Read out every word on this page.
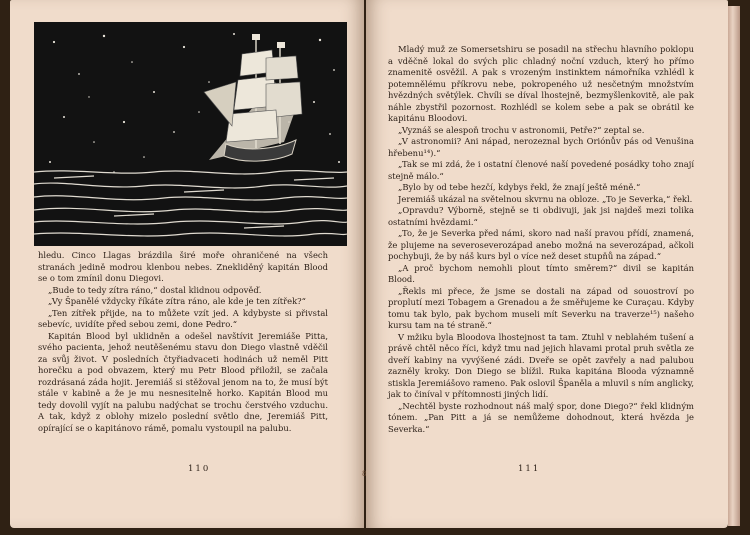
hledu. Cinco Llagas brázdila širé moře ohraničené na všech stranách jedině modrou klenbou nebes. Znekliděný kapitán Blood se o tom zmínil donu Diegovi.

„Bude to tedy zítra ráno,“ dostal klidnou odpověď.

„Vy Španělé vždycky říkáte zítra ráno, ale kde je ten zítřek?“

„Ten zítřek přijde, na to můžete vzít jed. A kdybyste si přivstal sebevíc, uvidíte před sebou zemi, done Pedro.“

Kapitán Blood byl uklidněn a odešel navštívit Jeremiáše Pitta, svého pacienta, jehož neutěšenému stavu don Diego vlastně vděčil za svůj život. V posledních čtyřiadvaceti hodinách už neměl Pitt horečku a pod obvazem, který mu Petr Blood přiložil, se začala rozdrásaná záda hojit. Jeremiáš si stěžoval jenom na to, že musí být stále v kabině a že je mu nesnesitelně horko. Kapitán Blood mu tedy dovolil vyjít na palubu nadýchat se trochu čerstvého vzduchu. A tak, když z oblohy mizelo poslední světlo dne, Jeremiáš Pitt, opírající se o kapitánovo rámě, pomalu vystoupil na palubu.

110	8

Mladý muž ze Somersetshiru se posadil na střechu hlavního poklopu a vděčně lokal do svých plic chladný noční vzduch, který ho přímo znamenitě osvěžil. A pak s vrozeným instinktem námořníka vzhlédl k potemnělému příkrovu nebe, pokropeného už nesčetným množstvím hvězdných světýlek. Chvíli se díval lhostejně, bezmyšlenkovitě, ale pak náhle zbystřil pozornost. Rozhlédl se kolem sebe a pak se obrátil ke kapitánu Bloodovi.

„Vyznáš se alespoň trochu v astronomii, Petře?“ zeptal se.

„V astronomii? Ani nápad, nerozeznal bych Oriónův pás od Venušina hřebenu¹⁴).“

„Tak se mi zdá, že i ostatní členové naší povedené posádky toho znají stejně málo.“

„Bylo by od tebe hezčí, kdybys řekl, že znají ještě méně.“

Jeremiáš ukázal na světelnou skvrnu na obloze. „To je Severka,“ řekl.

„Opravdu? Výborně, stejně se ti obdivuji, jak jsi najdeš mezi tolika ostatními hvězdami.“

„To, že je Severka před námi, skoro nad naší pravou přídí, znamená, že plujeme na severoseverozápad anebo možná na severozápad, ačkoli pochybuji, že by náš kurs byl o více než deset stupňů na západ.“

„A proč bychom nemohli plout tímto směrem?“ divil se kapitán Blood.

„Řekls mi přece, že jsme se dostali na západ od souostroví po proplutí mezi Tobagem a Grenadou a že směřujeme ke Curaçau. Kdyby tomu tak bylo, pak bychom museli mít Severku na traverze¹⁵) našeho kursu tam na té straně.“

V mžiku byla Bloodova lhostejnost ta tam. Ztuhl v neblahém tušení a právě chtěl něco říci, když tmu nad jejich hlavami protal pruh světla ze dveří kabiny na vyvýšené zádi. Dveře se opět zavřely a nad palubou zazněly kroky. Don Diego se blížil. Ruka kapitána Blooda významně stiskla Jeremiášovo rameno. Pak oslovil Španěla a mluvil s ním anglicky, jak to činíval v přítomnosti jiných lidí.

„Nechtěl byste rozhodnout náš malý spor, done Diego?“ řekl klidným tónem. „Pan Pitt a já se nemůžeme dohodnout, která hvězda je Severka.“

111
